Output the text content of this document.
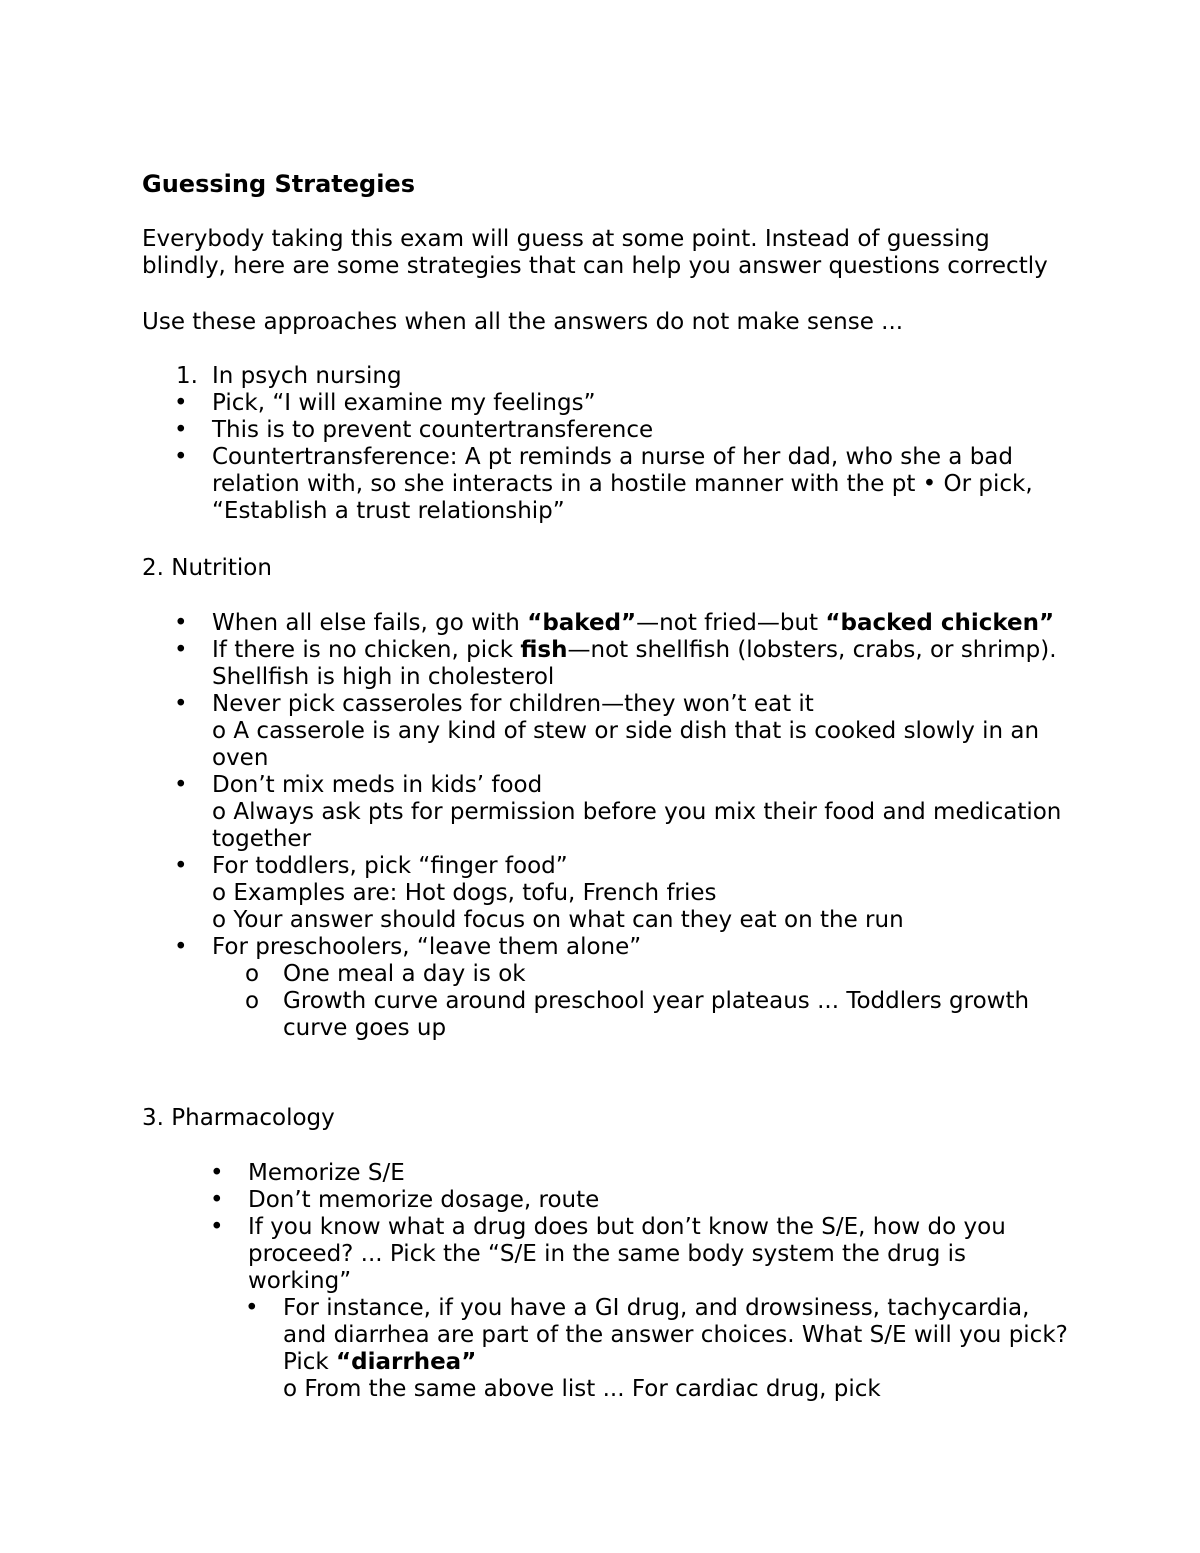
Guessing Strategies

Everybody taking this exam will guess at some point. Instead of guessing blindly, here are some strategies that can help you answer questions correctly

Use these approaches when all the answers do not make sense ...

1. In psych nursing
• Pick, “I will examine my feelings”
• This is to prevent countertransference
• Countertransference: A pt reminds a nurse of her dad, who she a bad relation with, so she interacts in a hostile manner with the pt • Or pick, “Establish a trust relationship”

2. Nutrition

• When all else fails, go with “baked”—not fried—but “backed chicken”
• If there is no chicken, pick fish—not shellfish (lobsters, crabs, or shrimp). Shellfish is high in cholesterol
• Never pick casseroles for children—they won’t eat it
o A casserole is any kind of stew or side dish that is cooked slowly in an oven
• Don’t mix meds in kids’ food
o Always ask pts for permission before you mix their food and medication together
• For toddlers, pick “finger food”
o Examples are: Hot dogs, tofu, French fries
o Your answer should focus on what can they eat on the run
• For preschoolers, “leave them alone”
o One meal a day is ok
o Growth curve around preschool year plateaus ... Toddlers growth curve goes up

3. Pharmacology

• Memorize S/E
• Don’t memorize dosage, route
• If you know what a drug does but don’t know the S/E, how do you proceed? ... Pick the “S/E in the same body system the drug is working”
• For instance, if you have a GI drug, and drowsiness, tachycardia, and diarrhea are part of the answer choices. What S/E will you pick? Pick “diarrhea”
o From the same above list ... For cardiac drug, pick
